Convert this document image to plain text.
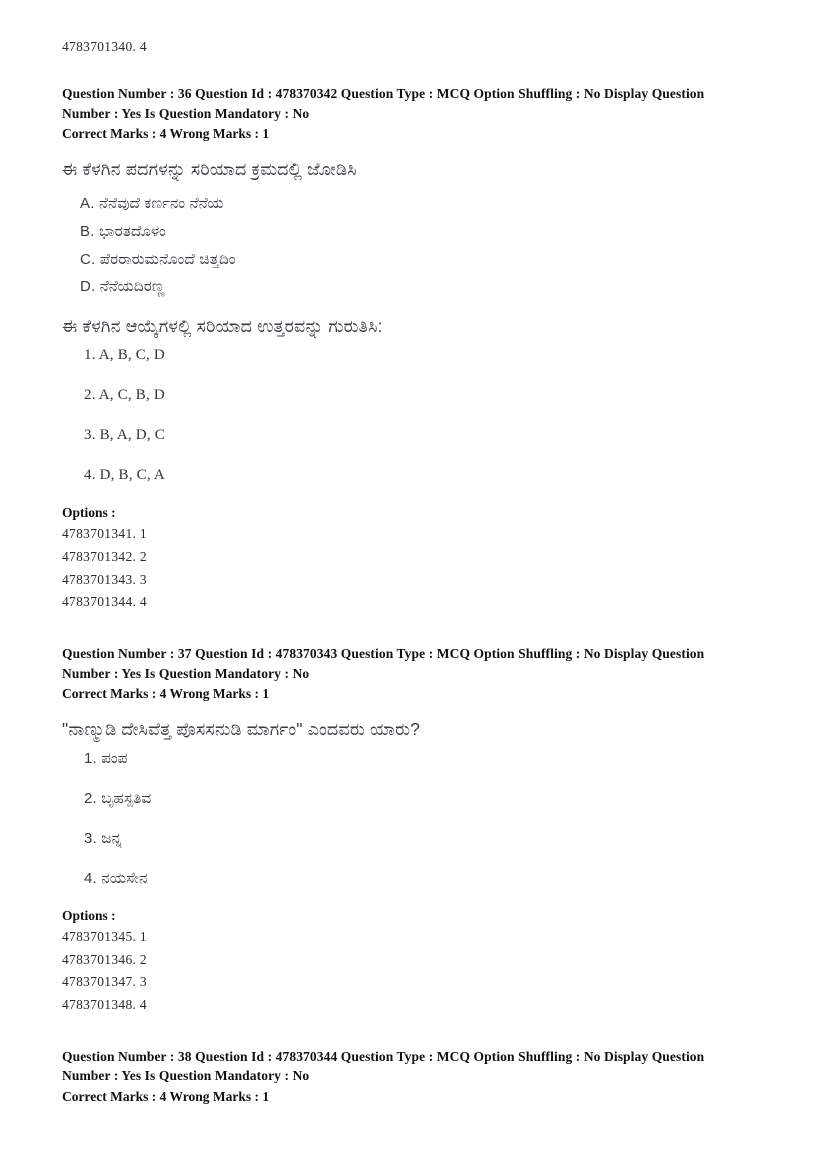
4783701340. 4
Question Number : 36 Question Id : 478370342 Question Type : MCQ Option Shuffling : No Display Question
Number : Yes Is Question Mandatory : No
Correct Marks : 4 Wrong Marks : 1
ಈ ಕೆಳಗಿನ ಪದಗಳನ್ನು ಸರಿಯಾದ ಕ್ರಮದಲ್ಲಿ ಜೋಡಿಸಿ
A. ನೆನೆವುದೆ ಕರ್ಣನಂ ನೆನೆಯ
B. ಭಾರತದೊಳಂ
C. ಪೆರರಾರುಮನೊಂದೆ ಚಿತ್ತದಿಂ
D. ನೆನೆಯದಿರಣ್ಣ
ಈ ಕೆಳಗಿನ ಆಯ್ಕೆಗಳಲ್ಲಿ ಸರಿಯಾದ ಉತ್ತರವನ್ನು ಗುರುತಿಸಿ:
1. A, B, C, D
2. A, C, B, D
3. B, A, D, C
4. D, B, C, A
Options :
4783701341. 1
4783701342. 2
4783701343. 3
4783701344. 4
Question Number : 37 Question Id : 478370343 Question Type : MCQ Option Shuffling : No Display Question
Number : Yes Is Question Mandatory : No
Correct Marks : 4 Wrong Marks : 1
"ನಾಣ್ಮುಡಿ ದೇಸಿವೆತ್ತ ಪೊಸಸನುಡಿ ಮಾರ್ಗಂ" ಎಂದವರು ಯಾರು?
1. ಪಂಪ
2. ಬೃಹಸ್ಪತಿವ
3. ಜನ್ನ
4. ನಯಸೇನ
Options :
4783701345. 1
4783701346. 2
4783701347. 3
4783701348. 4
Question Number : 38 Question Id : 478370344 Question Type : MCQ Option Shuffling : No Display Question
Number : Yes Is Question Mandatory : No
Correct Marks : 4 Wrong Marks : 1
